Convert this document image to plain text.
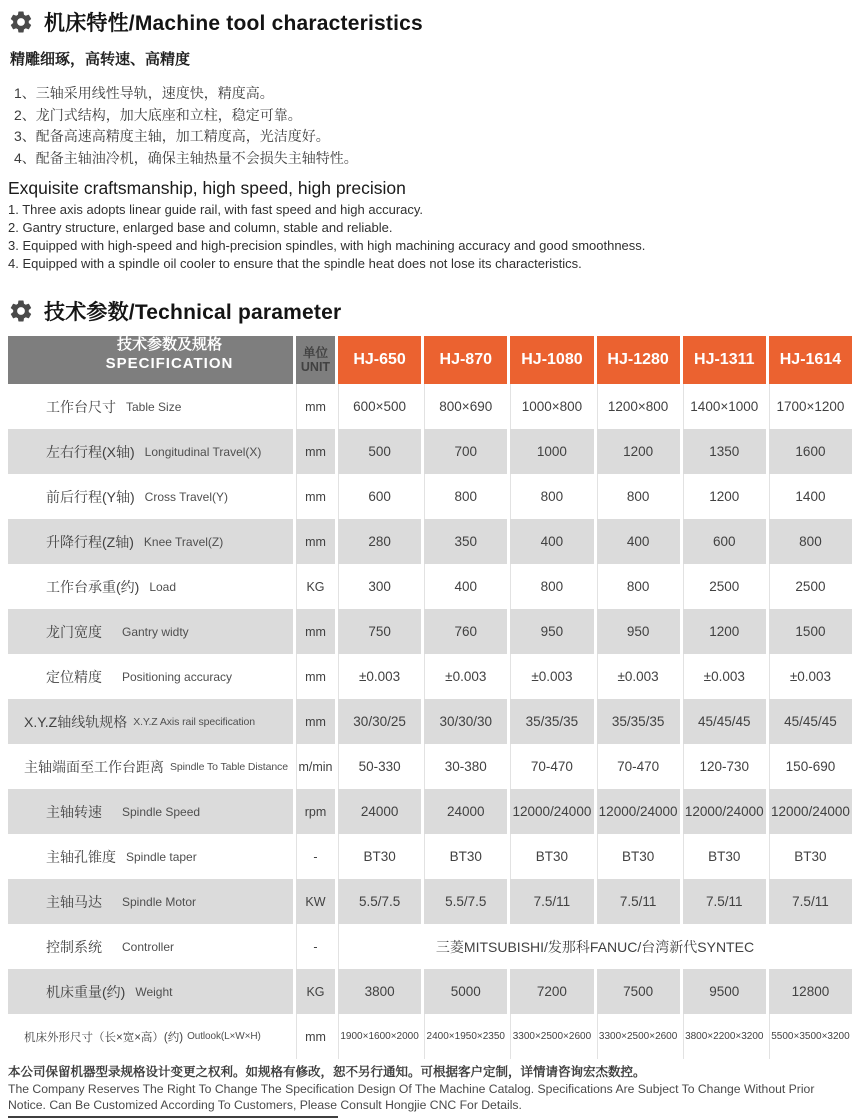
机床特性/Machine tool characteristics
精雕细琢，高转速、高精度
1、三轴采用线性导轨，速度快，精度高。
2、龙门式结构，加大底座和立柱，稳定可靠。
3、配备高速高精度主轴，加工精度高，光洁度好。
4、配备主轴油冷机，确保主轴热量不会损失主轴特性。
Exquisite craftsmanship, high speed, high precision
1. Three axis adopts linear guide rail, with fast speed and high accuracy.
2. Gantry structure, enlarged base and column, stable and reliable.
3. Equipped with high-speed and high-precision spindles, with high machining accuracy and good smoothness.
4. Equipped with a spindle oil cooler to ensure that the spindle heat does not lose its characteristics.
技术参数/Technical parameter
技术参数及规格
SPECIFICATION
单位
UNIT	HJ-650	HJ-870	HJ-1080	HJ-1280	HJ-1311	HJ-1614
工作台尺寸 Table Size	mm	600×500	800×690	1000×800	1200×800	1400×1000	1700×1200
左右行程(X轴) Longitudinal Travel(X)	mm	500	700	1000	1200	1350	1600
前后行程(Y轴) Cross Travel(Y)	mm	600	800	800	800	1200	1400
升降行程(Z轴) Knee Travel(Z)	mm	280	350	400	400	600	800
工作台承重(约) Load	KG	300	400	800	800	2500	2500
龙门宽度	Gantry widty	mm	750	760	950	950	1200	1500
定位精度	Positioning accuracy	mm	±0.003	±0.003	±0.003	±0.003	±0.003	±0.003
X.Y.Z轴线轨规格 X.Y.Z Axis rail specification	mm	30/30/25	30/30/30	35/35/35	35/35/35	45/45/45	45/45/45
主轴端面至工作台距离 Spindle To Table Distance m/min	50-330	30-380	70-470	70-470	120-730	150-690
主轴转速	Spindle Speed	rpm	24000	24000	12000/24000 12000/24000 12000/24000 12000/24000
主轴孔锥度 Spindle taper	-	BT30	BT30	BT30	BT30	BT30	BT30
主轴马达	Spindle Motor	KW	5.5/7.5	5.5/7.5	7.5/11	7.5/11	7.5/11	7.5/11
控制系统	Controller	-	三菱MITSUBISHI/发那科FANUC/台湾新代SYNTEC
机床重量(约) Weight	KG	3800	5000	7200	7500	9500	12800
机床外形尺寸（长×宽×高）(约) Outlook(L×W×H)	mm	1900×1600×2000 2400×1950×2350 3300×2500×2600 3300×2500×2600 3800×2200×3200 5500×3500×3200

本公司保留机器型录规格设计变更之权利。如规格有修改，恕不另行通知。可根据客户定制，详情请咨询宏杰数控。

The Company Reserves The Right To Change The Specification Design Of The Machine Catalog. Specifications Are Subject To Change Without Prior Notice. Can Be Customized According To Customers, Please Consult Hongjie CNC For Details.
